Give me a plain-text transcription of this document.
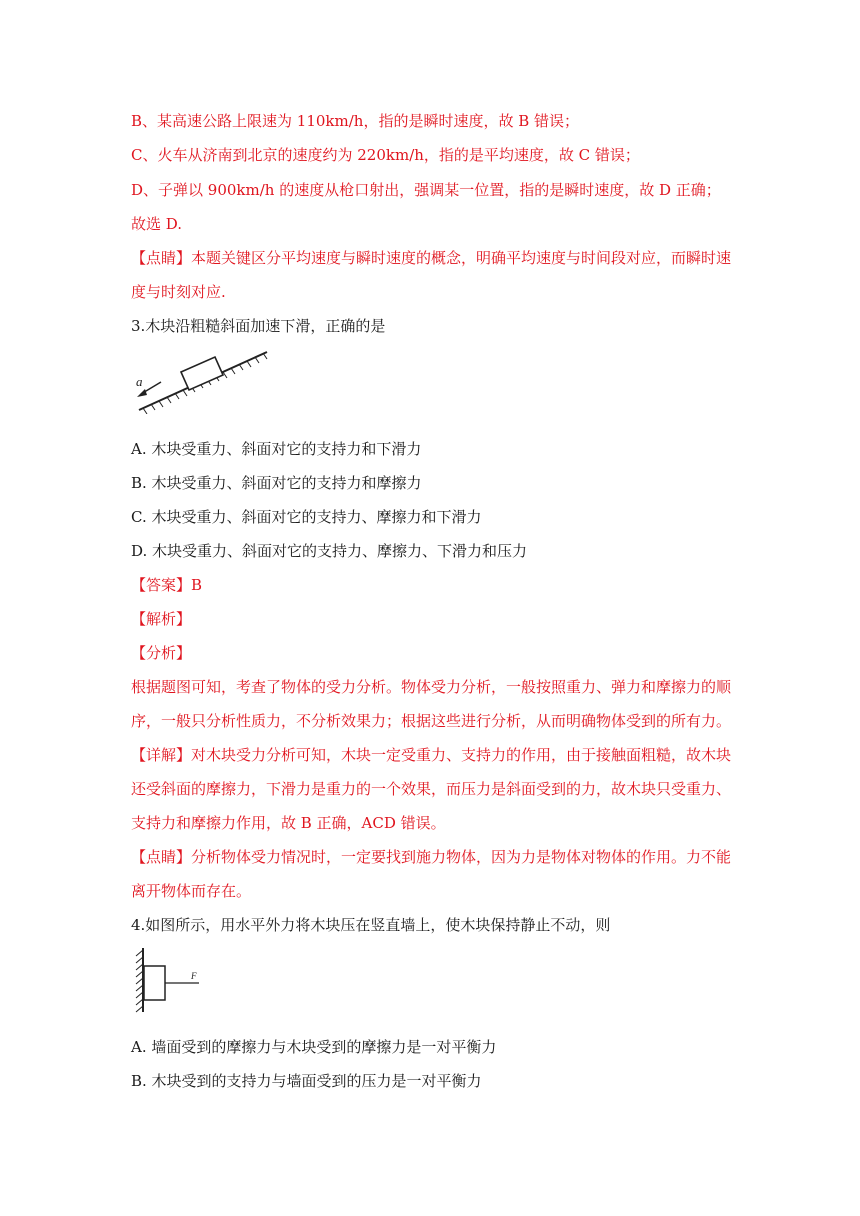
B、某高速公路上限速为 110km/h，指的是瞬时速度，故 B 错误；
C、火车从济南到北京的速度约为 220km/h，指的是平均速度，故 C 错误；
D、子弹以 900km/h 的速度从枪口射出，强调某一位置，指的是瞬时速度，故 D 正确；
故选 D.
【点睛】本题关键区分平均速度与瞬时速度的概念，明确平均速度与时间段对应，而瞬时速
度与时刻对应.
3.木块沿粗糙斜面加速下滑，正确的是
a
A. 木块受重力、斜面对它的支持力和下滑力
B. 木块受重力、斜面对它的支持力和摩擦力
C. 木块受重力、斜面对它的支持力、摩擦力和下滑力
D. 木块受重力、斜面对它的支持力、摩擦力、下滑力和压力
【答案】B
【解析】
【分析】
根据题图可知，考查了物体的受力分析。物体受力分析，一般按照重力、弹力和摩擦力的顺
序，一般只分析性质力，不分析效果力；根据这些进行分析，从而明确物体受到的所有力。
【详解】对木块受力分析可知，木块一定受重力、支持力的作用，由于接触面粗糙，故木块
还受斜面的摩擦力，下滑力是重力的一个效果，而压力是斜面受到的力，故木块只受重力、
支持力和摩擦力作用，故 B 正确，ACD 错误。
【点睛】分析物体受力情况时，一定要找到施力物体，因为力是物体对物体的作用。力不能
离开物体而存在。
4.如图所示，用水平外力将木块压在竖直墙上，使木块保持静止不动，则
F
A. 墙面受到的摩擦力与木块受到的摩擦力是一对平衡力
B. 木块受到的支持力与墙面受到的压力是一对平衡力
